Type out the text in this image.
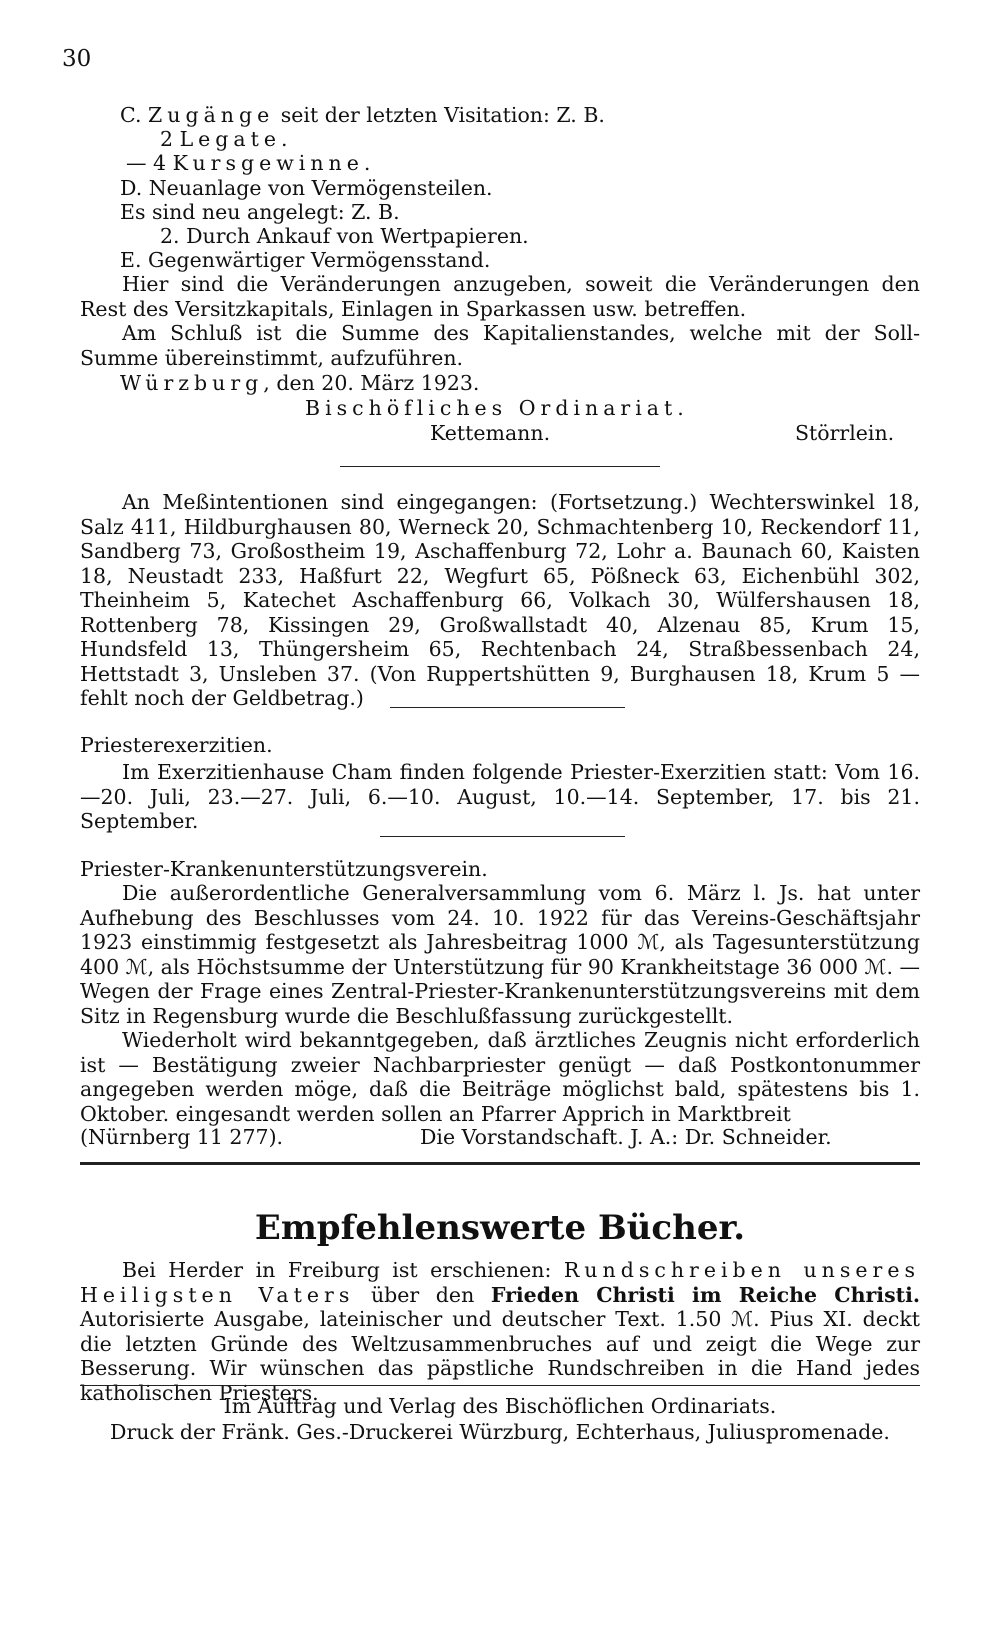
30
C. Zugänge seit der letzten Visitation: Z. B.
2 Legate.
— 4 Kursgewinne.
D. Neuanlage von Vermögensteilen.
Es sind neu angelegt: Z. B.
2. Durch Ankauf von Wertpapieren.
E. Gegenwärtiger Vermögensstand.

Hier sind die Veränderungen anzugeben, soweit die Veränderungen den Rest des Versitzkapitals, Einlagen in Sparkassen usw. betreffen.

Am Schluß ist die Summe des Kapitalienstandes, welche mit der Soll-Summe übereinstimmt, aufzuführen.

Würzburg, den 20. März 1923.
Bischöfliches Ordinariat.
Kettemann.	Störrlein.

An Meßintentionen sind eingegangen: (Fortsetzung.) Wechterswinkel 18, Salz 411, Hildburghausen 80, Werneck 20, Schmachtenberg 10, Reckendorf 11, Sandberg 73, Großostheim 19, Aschaffenburg 72, Lohr a. Baunach 60, Kaisten 18, Neustadt 233, Haßfurt 22, Wegfurt 65, Pößneck 63, Eichenbühl 302, Theinheim 5, Katechet Aschaffenburg 66, Volkach 30, Wülfershausen 18, Rottenberg 78, Kissingen 29, Großwallstadt 40, Alzenau 85, Krum 15, Hundsfeld 13, Thüngersheim 65, Rechtenbach 24, Straßbessenbach 24, Hettstadt 3, Unsleben 37. (Von Ruppertshütten 9, Burghausen 18, Krum 5 — fehlt noch der Geldbetrag.)

Priesterexerzitien.

Im Exerzitienhause Cham finden folgende Priester-Exerzitien statt: Vom 16.—20. Juli, 23.—27. Juli, 6.—10. August, 10.—14. September, 17. bis 21. September.

Priester-Krankenunterstützungsverein.

Die außerordentliche Generalversammlung vom 6. März l. Js. hat unter Aufhebung des Beschlusses vom 24. 10. 1922 für das Vereins-Geschäftsjahr 1923 einstimmig festgesetzt als Jahresbeitrag 1000 ℳ, als Tagesunterstützung 400 ℳ, als Höchstsumme der Unterstützung für 90 Krankheitstage 36 000 ℳ. — Wegen der Frage eines Zentral-Priester-Krankenunterstützungsvereins mit dem Sitz in Regensburg wurde die Beschlußfassung zurückgestellt.

Wiederholt wird bekanntgegeben, daß ärztliches Zeugnis nicht erforderlich ist — Bestätigung zweier Nachbarpriester genügt — daß Postkontonummer angegeben werden möge, daß die Beiträge möglichst bald, spätestens bis 1. Oktober. eingesandt werden sollen an Pfarrer Apprich in Marktbreit

(Nürnberg 11 277).	Die Vorstandschaft. J. A.: Dr. Schneider.
Empfehlenswerte Bücher.

Bei Herder in Freiburg ist erschienen: Rundschreiben unseres Heiligsten Vaters über den Frieden Christi im Reiche Christi. Autorisierte Ausgabe, lateinischer und deutscher Text. 1.50 ℳ. Pius XI. deckt die letzten Gründe des Weltzusammenbruches auf und zeigt die Wege zur Besserung. Wir wünschen das päpstliche Rundschreiben in die Hand jedes katholischen Priesters.

Im Auftrag und Verlag des Bischöflichen Ordinariats.
Druck der Fränk. Ges.-Druckerei Würzburg, Echterhaus, Juliuspromenade.
